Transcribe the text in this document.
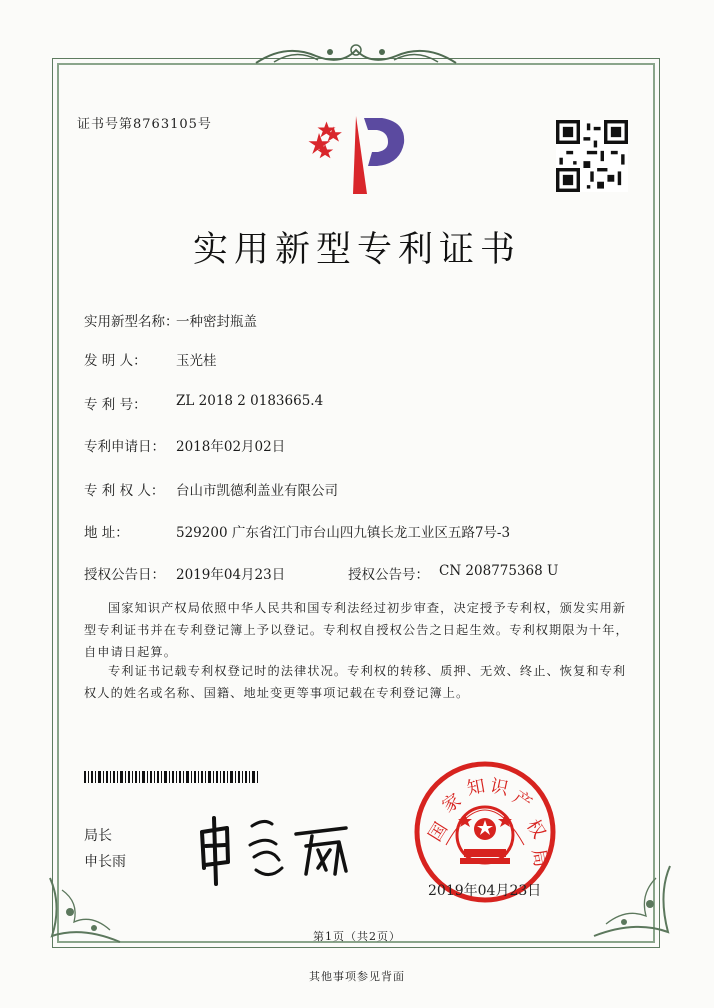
证书号第8763105号
实用新型专利证书
实用新型名称：
一种密封瓶盖
发 明 人： 玉光桂
专 利 号： ZL 2018 2 0183665.4
专利申请日： 2018年02月02日
专 利 权 人： 台山市凯德利盖业有限公司
地 址：	529200 广东省江门市台山四九镇长龙工业区五路7号-3
授权公告日： 2019年04月23日	授权公告号： CN 208775368 U
国家知识产权局依照中华人民共和国专利法经过初步审查，决定授予专利权，颁发实用新型专利证书并在专利登记簿上予以登记。专利权自授权公告之日起生效。专利权期限为十年，自申请日起算。
专利证书记载专利权登记时的法律状况。专利权的转移、质押、无效、终止、恢复和专利权人的姓名或名称、国籍、地址变更等事项记载在专利登记簿上。
局长
申长雨
国
家
知 识
产
权
局
2019年04月23日
第1页（共2页）
其他事项参见背面
